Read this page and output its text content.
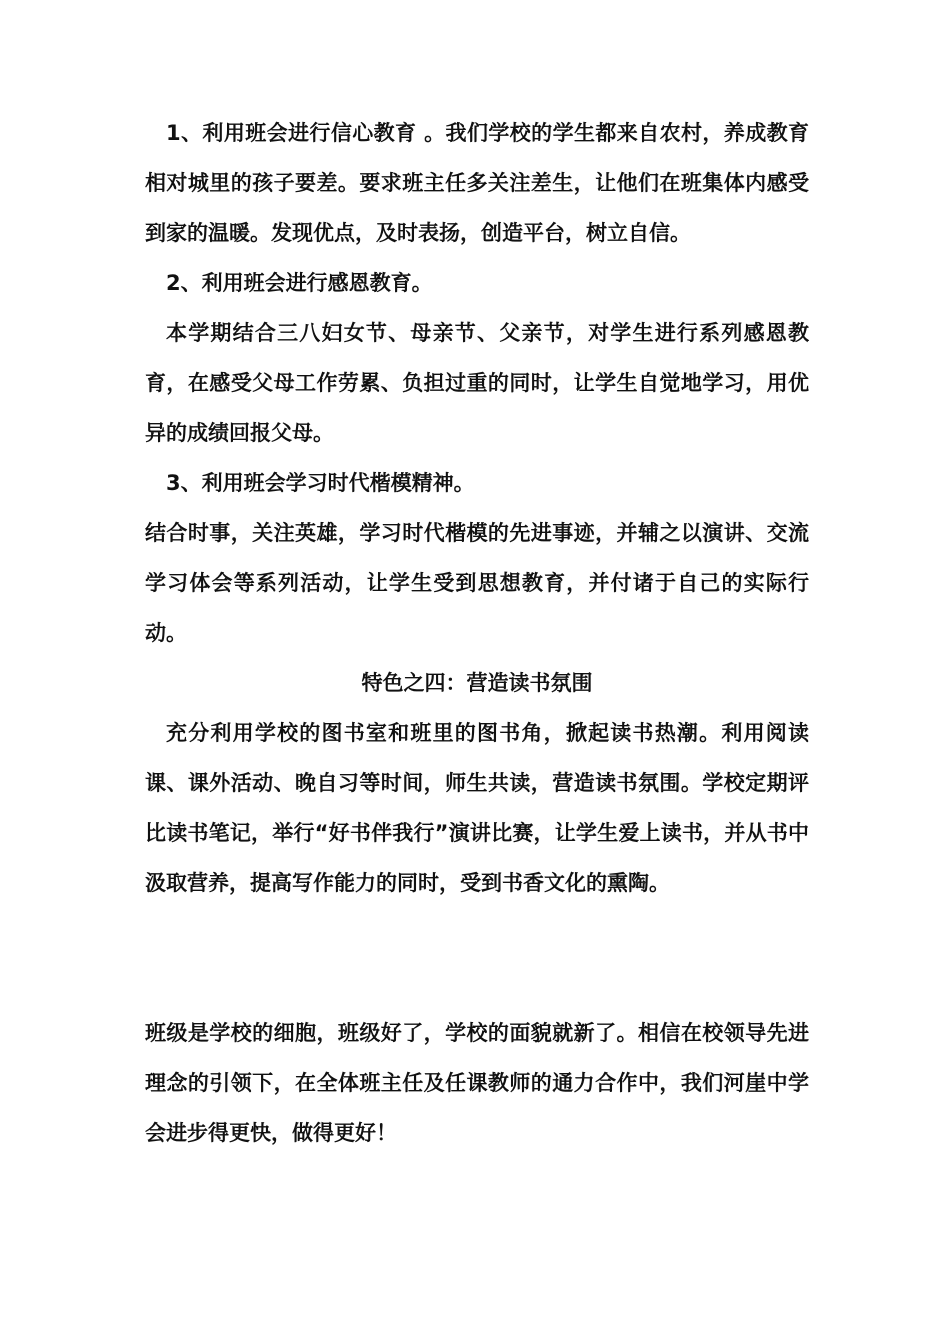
1、利用班会进行信心教育 。我们学校的学生都来自农村，养成教育相对城里的孩子要差。要求班主任多关注差生，让他们在班集体内感受到家的温暖。发现优点，及时表扬，创造平台，树立自信。

2、利用班会进行感恩教育。

本学期结合三八妇女节、母亲节、父亲节，对学生进行系列感恩教育，在感受父母工作劳累、负担过重的同时，让学生自觉地学习，用优异的成绩回报父母。

3、利用班会学习时代楷模精神。

结合时事，关注英雄，学习时代楷模的先进事迹，并辅之以演讲、交流学习体会等系列活动，让学生受到思想教育，并付诸于自己的实际行动。

特色之四：营造读书氛围

充分利用学校的图书室和班里的图书角，掀起读书热潮。利用阅读课、课外活动、晚自习等时间，师生共读，营造读书氛围。学校定期评比读书笔记，举行“好书伴我行”演讲比赛，让学生爱上读书，并从书中汲取营养，提高写作能力的同时，受到书香文化的熏陶。

班级是学校的细胞，班级好了，学校的面貌就新了。相信在校领导先进理念的引领下，在全体班主任及任课教师的通力合作中，我们河崖中学会进步得更快，做得更好！
